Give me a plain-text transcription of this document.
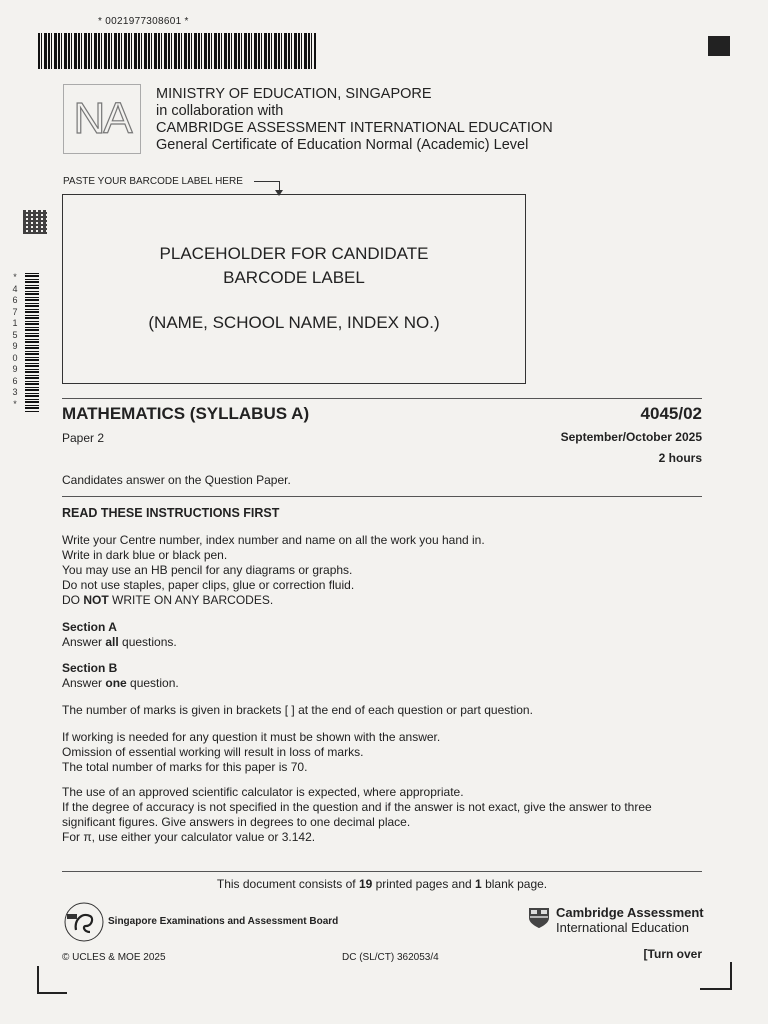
* 0021977308601 *
NA MINISTRY OF EDUCATION, SINGAPORE
in collaboration with
CAMBRIDGE ASSESSMENT INTERNATIONAL EDUCATION
General Certificate of Education Normal (Academic) Level
PASTE YOUR BARCODE LABEL HERE
PLACEHOLDER FOR CANDIDATE
BARCODE LABEL
(NAME, SCHOOL NAME, INDEX NO.)
*4671590963*
MATHEMATICS (SYLLABUS A)	4045/02
Paper 2	September/October 2025
2 hours
Candidates answer on the Question Paper.
READ THESE INSTRUCTIONS FIRST
Write your Centre number, index number and name on all the work you hand in.
Write in dark blue or black pen.
You may use an HB pencil for any diagrams or graphs.
Do not use staples, paper clips, glue or correction fluid.
DO NOT WRITE ON ANY BARCODES.
Section A
Answer all questions.
Section B
Answer one question.
The number of marks is given in brackets [ ] at the end of each question or part question.
If working is needed for any question it must be shown with the answer.
Omission of essential working will result in loss of marks.
The total number of marks for this paper is 70.
The use of an approved scientific calculator is expected, where appropriate.
If the degree of accuracy is not specified in the question and if the answer is not exact, give the answer to three
significant figures. Give answers in degrees to one decimal place.
For π, use either your calculator value or 3.142.
This document consists of 19 printed pages and 1 blank page.
Singapore Examinations and Assessment Board
Cambridge Assessment
International Education
© UCLES & MOE 2025	DC (SL/CT) 362053/4	[Turn over
